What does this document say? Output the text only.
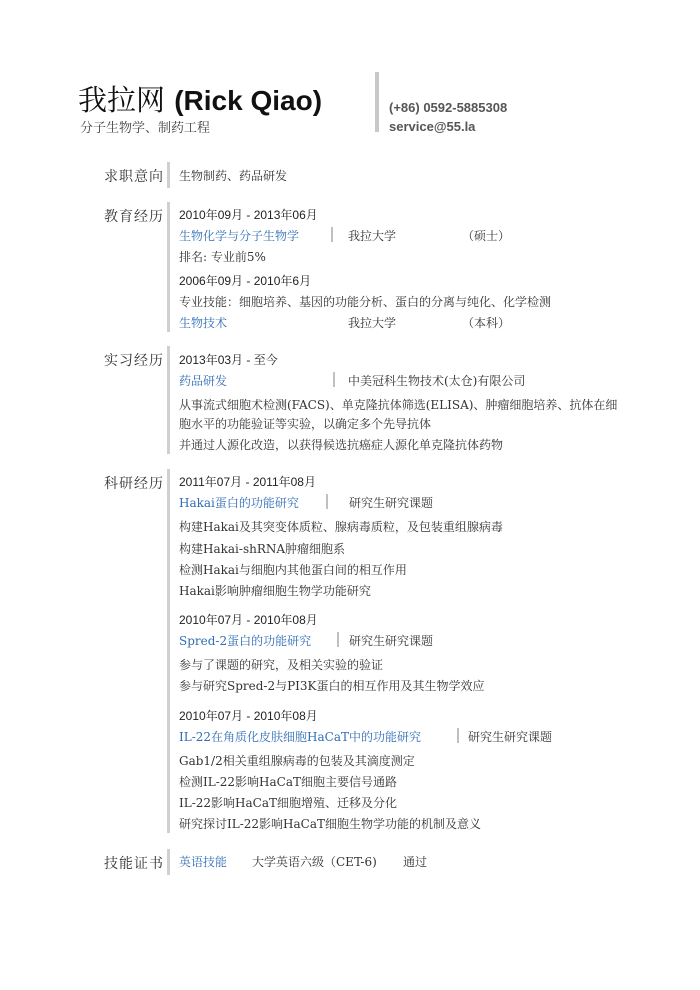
我拉网 (Rick Qiao)
分子生物学、制药工程
(+86) 0592-5885308
service@55.la
求职意向 生物制药、药品研发
教育经历 2010年09月 - 2013年06月
生物化学与分子生物学	我拉大学	（硕士）
排名: 专业前5%
2006年09月 - 2010年6月
专业技能：细胞培养、基因的功能分析、蛋白的分离与纯化、化学检测
生物技术	我拉大学	（本科）
实习经历 2013年03月 - 至今
药品研发	中美冠科生物技术(太仓)有限公司
从事流式细胞术检测(FACS)、单克隆抗体筛选(ELISA)、肿瘤细胞培养、抗体在细
胞水平的功能验证等实验，以确定多个先导抗体
并通过人源化改造，以获得候选抗癌症人源化单克隆抗体药物
科研经历 2011年07月 - 2011年08月
Hakai蛋白的功能研究	研究生研究课题
构建Hakai及其突变体质粒、腺病毒质粒，及包装重组腺病毒
构建Hakai-shRNA肿瘤细胞系
检测Hakai与细胞内其他蛋白间的相互作用
Hakai影响肿瘤细胞生物学功能研究
2010年07月 - 2010年08月
Spred-2蛋白的功能研究	研究生研究课题
参与了课题的研究，及相关实验的验证
参与研究Spred-2与PI3K蛋白的相互作用及其生物学效应
2010年07月 - 2010年08月
IL-22在角质化皮肤细胞HaCaT中的功能研究	研究生研究课题
Gab1/2相关重组腺病毒的包装及其滴度测定
检测IL-22影响HaCaT细胞主要信号通路
IL-22影响HaCaT细胞增殖、迁移及分化
研究探讨IL-22影响HaCaT细胞生物学功能的机制及意义
技能证书 英语技能 大学英语六级（CET-6) 通过
